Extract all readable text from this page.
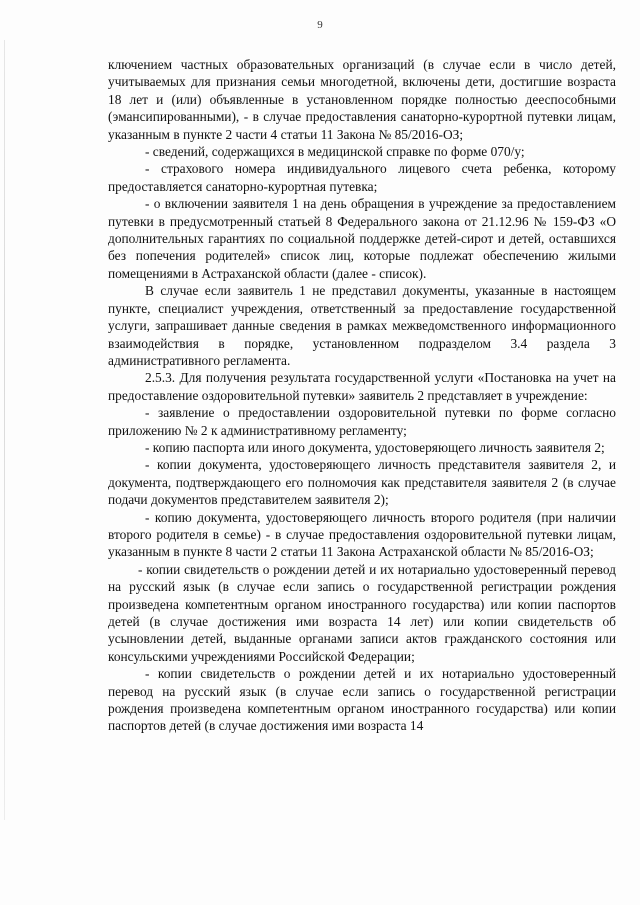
9

ключением частных образовательных организаций (в случае если в число детей, учитываемых для признания семьи многодетной, включены дети, достигшие возраста 18 лет и (или) объявленные в установленном порядке полностью дееспособными (эмансипированными), - в случае предоставления санаторно-курортной путевки лицам, указанным в пункте 2 части 4 статьи 11 Закона № 85/2016-ОЗ;

- сведений, содержащихся в медицинской справке по форме 070/у;

- страхового номера индивидуального лицевого счета ребенка, которому предоставляется санаторно-курортная путевка;

- о включении заявителя 1 на день обращения в учреждение за предоставлением путевки в предусмотренный статьей 8 Федерального закона от 21.12.96 № 159-ФЗ «О дополнительных гарантиях по социальной поддержке детей-сирот и детей, оставшихся без попечения родителей» список лиц, которые подлежат обеспечению жилыми помещениями в Астраханской области (далее - список).

В случае если заявитель 1 не представил документы, указанные в настоящем пункте, специалист учреждения, ответственный за предоставление государственной услуги, запрашивает данные сведения в рамках межведомственного информационного взаимодействия в порядке, установленном подразделом 3.4 раздела 3 административного регламента.

2.5.3. Для получения результата государственной услуги «Постановка на учет на предоставление оздоровительной путевки» заявитель 2 представляет в учреждение:

- заявление о предоставлении оздоровительной путевки по форме согласно приложению № 2 к административному регламенту;

- копию паспорта или иного документа, удостоверяющего личность заявителя 2;

- копии документа, удостоверяющего личность представителя заявителя 2, и документа, подтверждающего его полномочия как представителя заявителя 2 (в случае подачи документов представителем заявителя 2);

- копию документа, удостоверяющего личность второго родителя (при наличии второго родителя в семье) - в случае предоставления оздоровительной путевки лицам, указанным в пункте 8 части 2 статьи 11 Закона Астраханской области № 85/2016-ОЗ;

- копии свидетельств о рождении детей и их нотариально удостоверенный перевод на русский язык (в случае если запись о государственной регистрации рождения произведена компетентным органом иностранного государства) или копии паспортов детей (в случае достижения ими возраста 14 лет) или копии свидетельств об усыновлении детей, выданные органами записи актов гражданского состояния или консульскими учреждениями Российской Федерации;

- копии свидетельств о рождении детей и их нотариально удостоверенный перевод на русский язык (в случае если запись о государственной регистрации рождения произведена компетентным органом иностранного государства) или копии паспортов детей (в случае достижения ими возраста 14
